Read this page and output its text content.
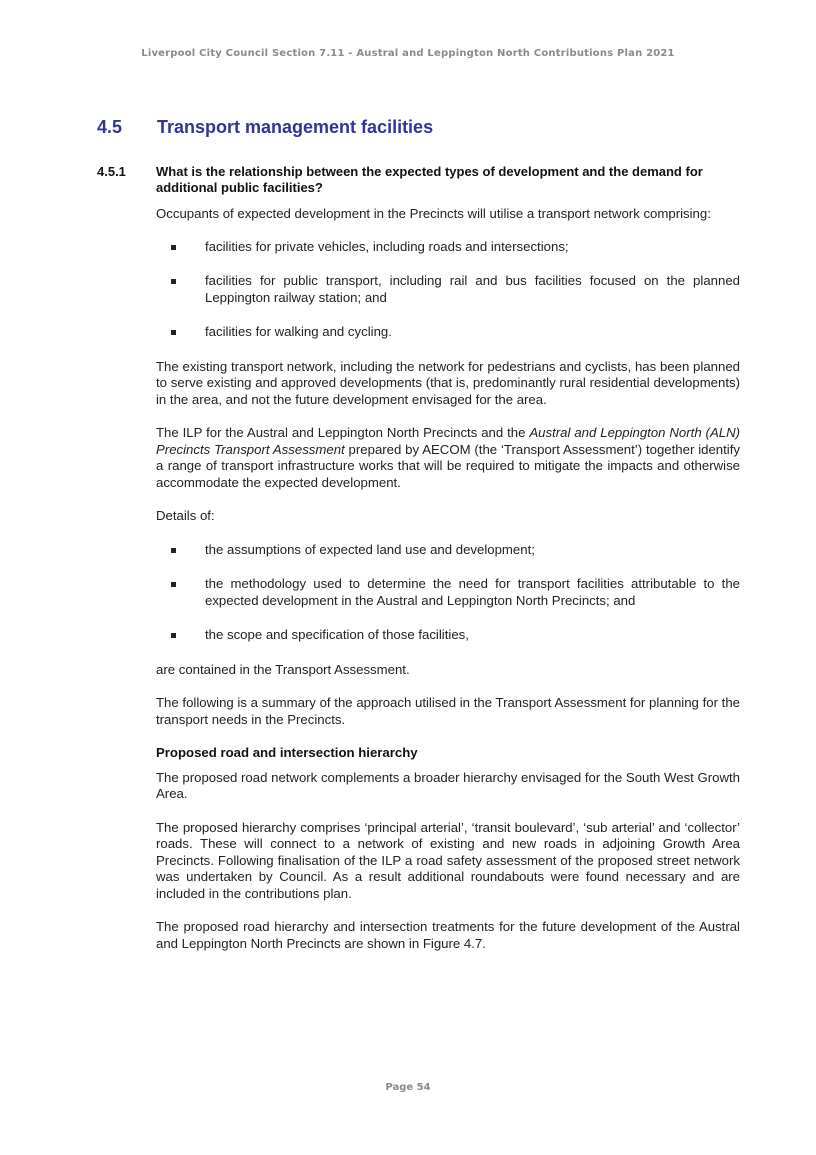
Liverpool City Council Section 7.11 - Austral and Leppington North Contributions Plan 2021
4.5 Transport management facilities
4.5.1 What is the relationship between the expected types of development and the demand for additional public facilities?

Occupants of expected development in the Precincts will utilise a transport network comprising:

facilities for private vehicles, including roads and intersections;
facilities for public transport, including rail and bus facilities focused on the planned Leppington railway station; and
facilities for walking and cycling.

The existing transport network, including the network for pedestrians and cyclists, has been planned to serve existing and approved developments (that is, predominantly rural residential developments) in the area, and not the future development envisaged for the area.

The ILP for the Austral and Leppington North Precincts and the Austral and Leppington North (ALN) Precincts Transport Assessment prepared by AECOM (the ‘Transport Assessment’) together identify a range of transport infrastructure works that will be required to mitigate the impacts and otherwise accommodate the expected development.

Details of:

the assumptions of expected land use and development;
the methodology used to determine the need for transport facilities attributable to the expected development in the Austral and Leppington North Precincts; and
the scope and specification of those facilities,

are contained in the Transport Assessment.

The following is a summary of the approach utilised in the Transport Assessment for planning for the transport needs in the Precincts.

Proposed road and intersection hierarchy

The proposed road network complements a broader hierarchy envisaged for the South West Growth Area.

The proposed hierarchy comprises ‘principal arterial’, ‘transit boulevard’, ‘sub arterial’ and ‘collector’ roads. These will connect to a network of existing and new roads in adjoining Growth Area Precincts. Following finalisation of the ILP a road safety assessment of the proposed street network was undertaken by Council. As a result additional roundabouts were found necessary and are included in the contributions plan.

The proposed road hierarchy and intersection treatments for the future development of the Austral and Leppington North Precincts are shown in Figure 4.7.

Page 54
